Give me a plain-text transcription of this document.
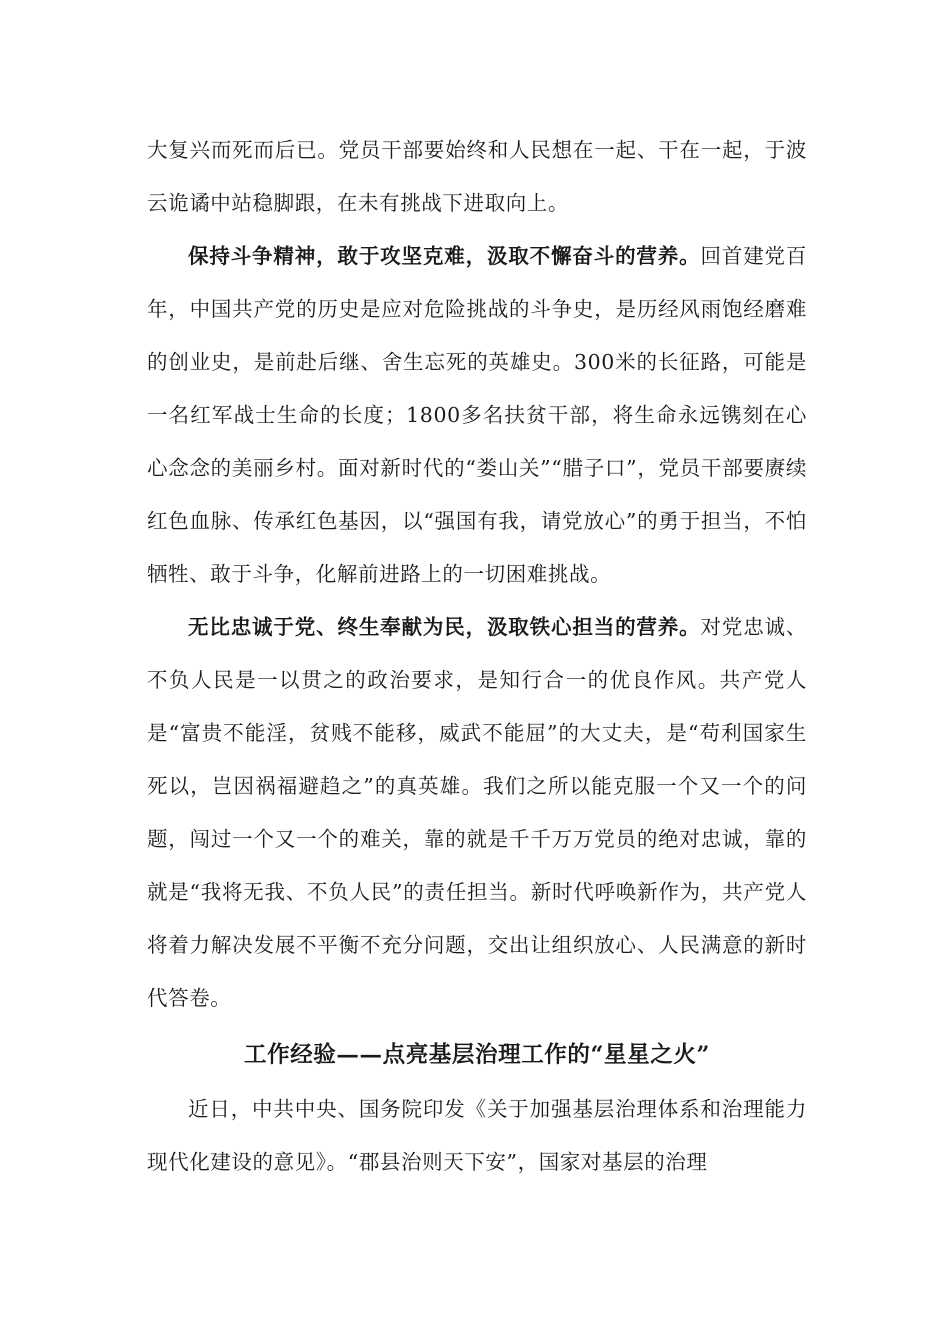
大复兴而死而后已。党员干部要始终和人民想在一起、干在一起，于波云诡谲中站稳脚跟，在未有挑战下进取向上。

保持斗争精神，敢于攻坚克难，汲取不懈奋斗的营养。回首建党百年，中国共产党的历史是应对危险挑战的斗争史，是历经风雨饱经磨难的创业史，是前赴后继、舍生忘死的英雄史。300米的长征路，可能是一名红军战士生命的长度；1800多名扶贫干部，将生命永远镌刻在心心念念的美丽乡村。面对新时代的“娄山关”“腊子口”，党员干部要赓续红色血脉、传承红色基因，以“强国有我，请党放心”的勇于担当，不怕牺牲、敢于斗争，化解前进路上的一切困难挑战。

无比忠诚于党、终生奉献为民，汲取铁心担当的营养。对党忠诚、不负人民是一以贯之的政治要求，是知行合一的优良作风。共产党人是“富贵不能淫，贫贱不能移，威武不能屈”的大丈夫，是“苟利国家生死以，岂因祸福避趋之”的真英雄。我们之所以能克服一个又一个的问题，闯过一个又一个的难关，靠的就是千千万万党员的绝对忠诚，靠的就是“我将无我、不负人民”的责任担当。新时代呼唤新作为，共产党人将着力解决发展不平衡不充分问题，交出让组织放心、人民满意的新时代答卷。

工作经验——点亮基层治理工作的“星星之火”

近日，中共中央、国务院印发《关于加强基层治理体系和治理能力现代化建设的意见》。“郡县治则天下安”，国家对基层的治理
